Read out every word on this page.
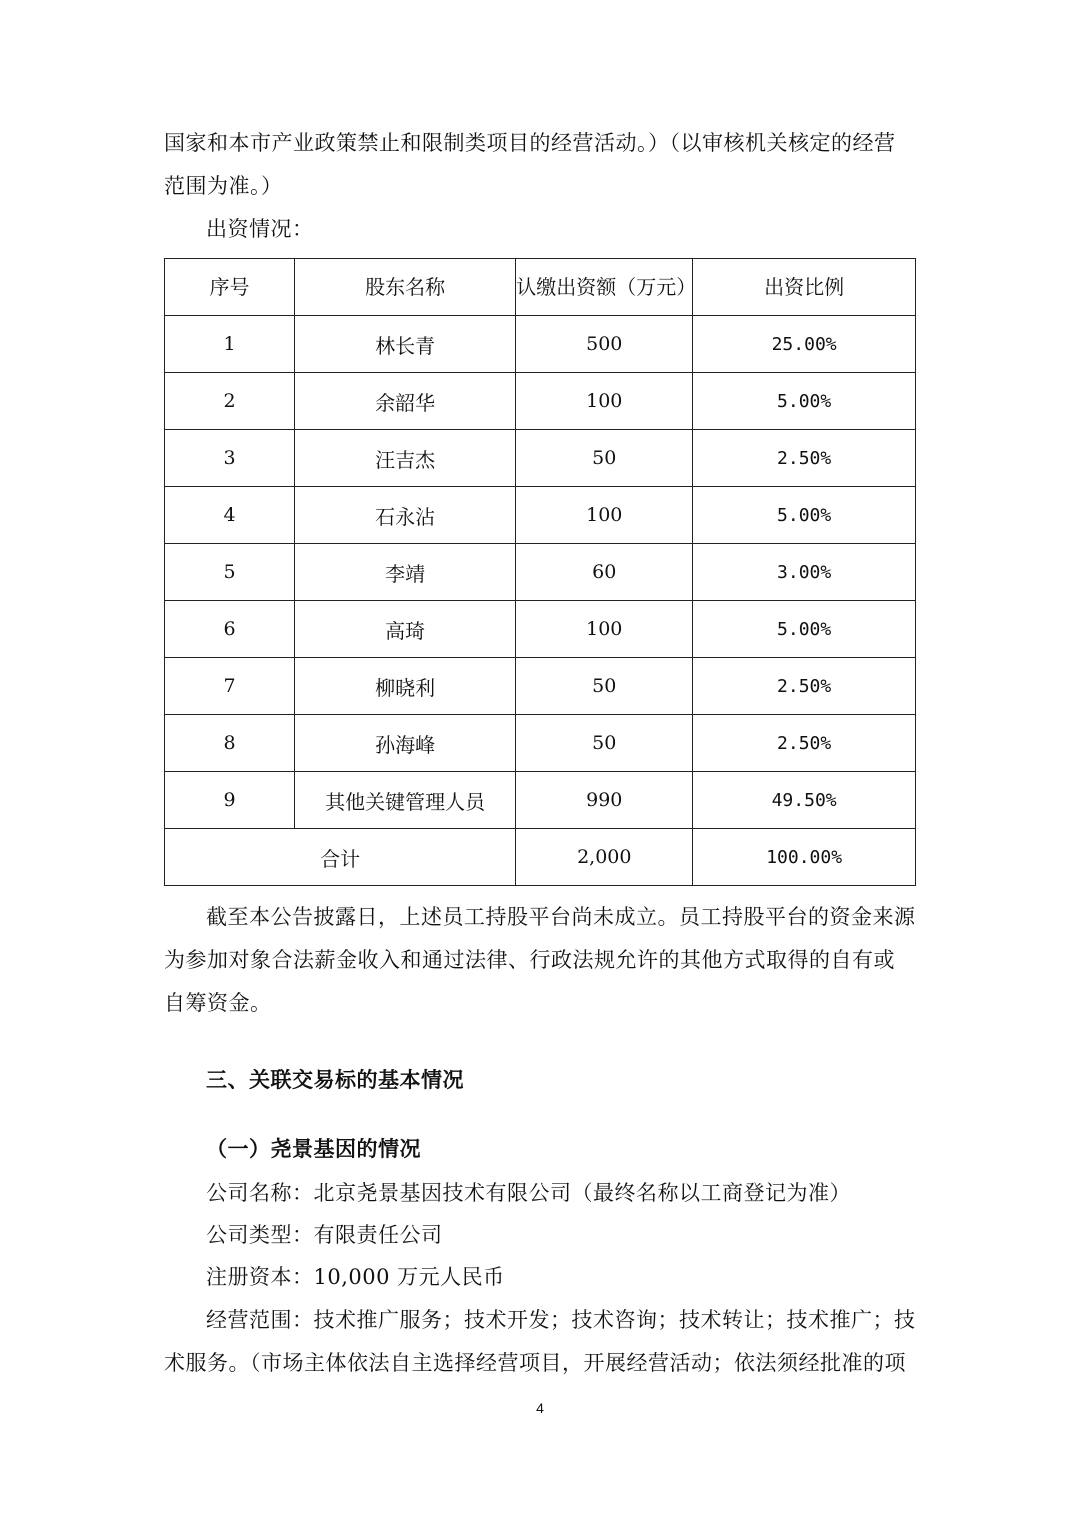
国家和本市产业政策禁止和限制类项目的经营活动。）（以审核机关核定的经营范围为准。）

出资情况：

序号	股东名称	认缴出资额（万元）	出资比例
1	林长青	500	25.00%
2	余韶华	100	5.00%
3	汪吉杰	50	2.50%
4	石永沾	100	5.00%
5	李靖	60	3.00%
6	高琦	100	5.00%
7	柳晓利	50	2.50%
8	孙海峰	50	2.50%
9	其他关键管理人员	990	49.50%
合计		2,000	100.00%

截至本公告披露日，上述员工持股平台尚未成立。员工持股平台的资金来源为参加对象合法薪金收入和通过法律、行政法规允许的其他方式取得的自有或自筹资金。

三、关联交易标的基本情况

（一）尧景基因的情况

公司名称：北京尧景基因技术有限公司（最终名称以工商登记为准）

公司类型：有限责任公司

注册资本：10,000 万元人民币

经营范围：技术推广服务；技术开发；技术咨询；技术转让；技术推广；技术服务。（市场主体依法自主选择经营项目，开展经营活动；依法须经批准的项

4
